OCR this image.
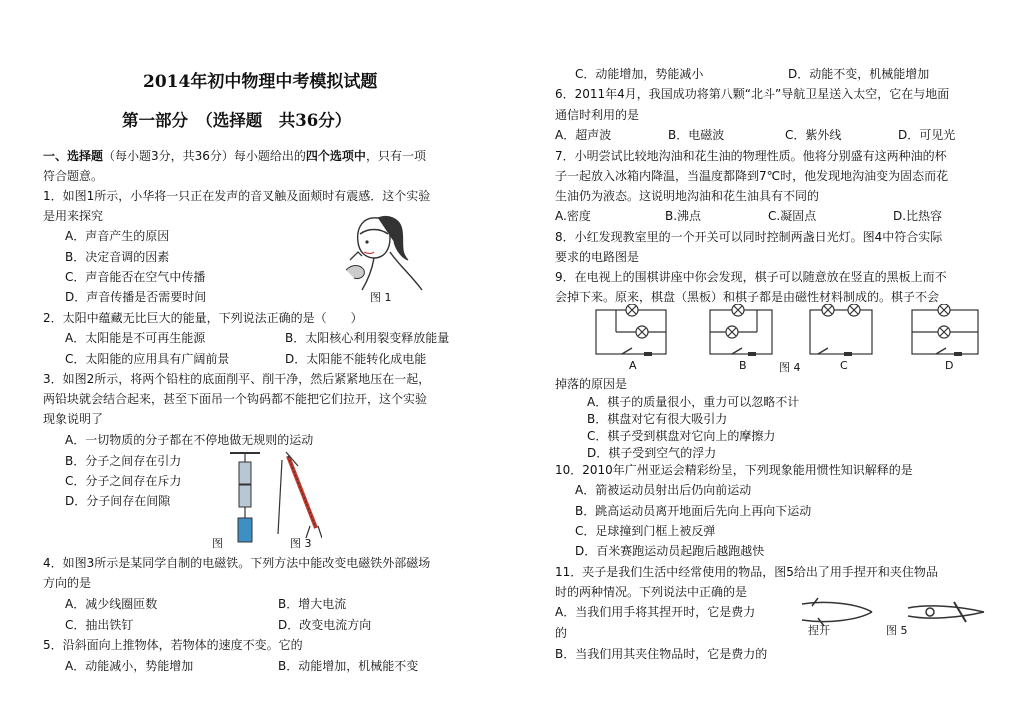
2014年初中物理中考模拟试题
第一部分　（选择题　共36分）
一、选择题（每小题3分，共36分）每小题给出的四个选项中，只有一项
符合题意。
1．如图1所示，小华将一只正在发声的音叉触及面颊时有震感．这个实验
是用来探究
A．声音产生的原因
B．决定音调的因素
C．声音能否在空气中传播
D．声音传播是否需要时间	图 1
2．太阳中蕴藏无比巨大的能量，下列说法正确的是（　　）
A．太阳能是不可再生能源	B．太阳核心利用裂变释放能量
C．太阳能的应用具有广阔前景	D．太阳能不能转化成电能
3．如图2所示，将两个铅柱的底面削平、削干净，然后紧紧地压在一起，
两铅块就会结合起来，甚至下面吊一个钩码都不能把它们拉开，这个实验
现象说明了
A．一切物质的分子都在不停地做无规则的运动
B．分子之间存在引力
C．分子之间存在斥力
D．分子间存在间隙
图	图 3
4．如图3所示是某同学自制的电磁铁。下列方法中能改变电磁铁外部磁场
方向的是
A．减少线圈匝数	B．增大电流
C．抽出铁钉	D．改变电流方向
5．沿斜面向上推物体，若物体的速度不变。它的
A．动能减小，势能增加	B．动能增加，机械能不变
C．动能增加，势能减小	D．动能不变，机械能增加
6．2011年4月，我国成功将第八颗“北斗”导航卫星送入太空，它在与地面
通信时利用的是
A．超声波	B．电磁波	C．紫外线	D．可见光
7．小明尝试比较地沟油和花生油的物理性质。他将分别盛有这两种油的杯
子一起放入冰箱内降温，当温度都降到7℃时，他发现地沟油变为固态而花
生油仍为液态。这说明地沟油和花生油具有不同的
A.密度	B.沸点	C.凝固点	D.比热容
8．小红发现教室里的一个开关可以同时控制两盏日光灯。图4中符合实际
要求的电路图是
9．在电视上的围棋讲座中你会发现，棋子可以随意放在竖直的黑板上而不
会掉下来。原来，棋盘（黑板）和棋子都是由磁性材料制成的。棋子不会
A	B	图 4	C	D
掉落的原因是
A．棋子的质量很小，重力可以忽略不计
B．棋盘对它有很大吸引力
C．棋子受到棋盘对它向上的摩擦力
D．棋子受到空气的浮力
10．2010年广州亚运会精彩纷呈，下列现象能用惯性知识解释的是
A．箭被运动员射出后仍向前运动
B．跳高运动员离开地面后先向上再向下运动
C．足球撞到门框上被反弹
D．百米赛跑运动员起跑后越跑越快
11．夹子是我们生活中经常使用的物品，图5给出了用手捏开和夹住物品
时的两种情况。下列说法中正确的是
A．当我们用手将其捏开时，它是费力
的
B．当我们用其夹住物品时，它是费力的
捏开	图 5
